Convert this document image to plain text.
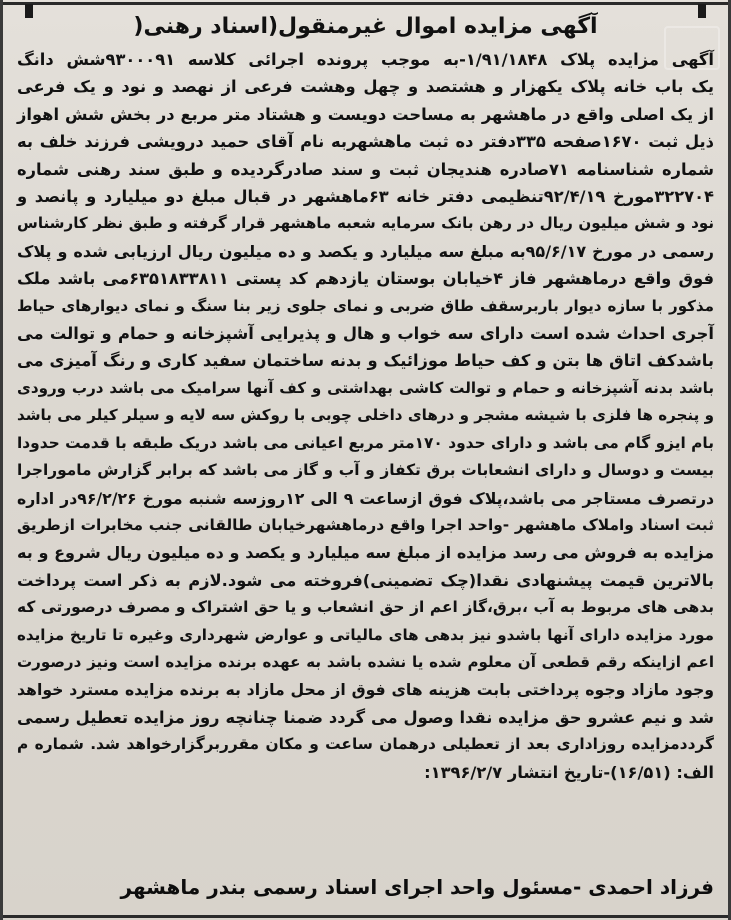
آگهی مزایده اموال غیرمنقول(اسناد رهنی(

آگهی مزایده پلاک ۱/۹۱/۱۸۴۸-به موجب پرونده اجرائی کلاسه ۹۳۰۰۰۹۱شش دانگ

یک باب خانه پلاک یکهزار و هشتصد و چهل وهشت فرعی از نهصد و نود و یک فرعی

از یک اصلی واقع در ماهشهر به مساحت دویست و هشتاد متر مربع در بخش شش اهواز

ذیل ثبت ۱۶۷۰صفحه ۳۳۵دفتر ده ثبت ماهشهربه نام آقای حمید درویشی فرزند خلف به

شماره شناسنامه ۷۱صادره هندیجان ثبت و سند صادرگردیده و طبق سند رهنی شماره

۳۲۲۷۰۴مورخ ۹۲/۴/۱۹تنظیمی دفتر خانه ۶۳ماهشهر در قبال مبلغ دو میلیارد و پانصد و

نود و شش میلیون ریال در رهن بانک سرمایه شعبه ماهشهر قرار گرفته و طبق نظر کارشناس

رسمی در مورخ ۹۵/۶/۱۷به مبلغ سه میلیارد و یکصد و ده میلیون ریال ارزیابی شده و پلاک

فوق واقع درماهشهر فاز ۴خیابان بوستان یازدهم کد پستی ۶۳۵۱۸۳۳۸۱۱می باشد ملک

مذکور با سازه دیوار باربرسقف طاق ضربی و نمای جلوی زیر بنا سنگ و نمای دیوارهای حیاط

آجری احداث شده است دارای سه خواب و هال و پذیرایی آشپزخانه و حمام و توالت می

باشدکف اتاق ها بتن و کف حیاط موزائیک و بدنه ساختمان سفید کاری و رنگ آمیزی می

باشد بدنه آشپزخانه و حمام و توالت کاشی بهداشتی و کف آنها سرامیک می باشد درب ورودی

و پنجره ها فلزی با شیشه مشجر و درهای داخلی چوبی با روکش سه لایه و سیلر کیلر می باشد

بام ایزو گام می باشد و دارای حدود ۱۷۰متر مربع اعیانی می باشد دریک طبقه با قدمت حدودا

بیست و دوسال و دارای انشعابات برق تکفاز و آب و گاز می باشد که برابر گزارش ماموراجرا

درتصرف مستاجر می باشد،پلاک فوق ازساعت ۹ الی ۱۲روزسه شنبه مورخ ۹۶/۲/۲۶در اداره

ثبت اسناد واملاک ماهشهر -واحد اجرا واقع درماهشهرخیابان طالقانی جنب مخابرات ازطریق

مزایده به فروش می رسد مزایده از مبلغ سه میلیارد و یکصد و ده میلیون ریال شروع و به

بالاترین قیمت پیشنهادی نقدا(چک تضمینی)فروخته می شود.لازم به ذکر است پرداخت

بدهی های مربوط به آب ،برق،گاز اعم از حق انشعاب و یا حق اشتراک و مصرف درصورتی که

مورد مزایده دارای آنها باشدو نیز بدهی های مالیاتی و عوارض شهرداری وغیره تا تاریخ مزایده

اعم ازاینکه رقم قطعی آن معلوم شده یا نشده باشد به عهده برنده مزایده است ونیز درصورت

وجود مازاد وجوه پرداختی بابت هزینه های فوق از محل مازاد به برنده مزایده مسترد خواهد

شد و نیم عشرو حق مزایده نقدا وصول می گردد ضمنا چنانچه روز مزایده تعطیل رسمی

گرددمزایده روزاداری بعد از تعطیلی درهمان ساعت و مکان مقرربرگزارخواهد شد. شماره م

الف: (۱۶/۵۱)-تاریخ انتشار ۱۳۹۶/۲/۷:

فرزاد احمدی -مسئول واحد اجرای اسناد رسمی بندر ماهشهر
